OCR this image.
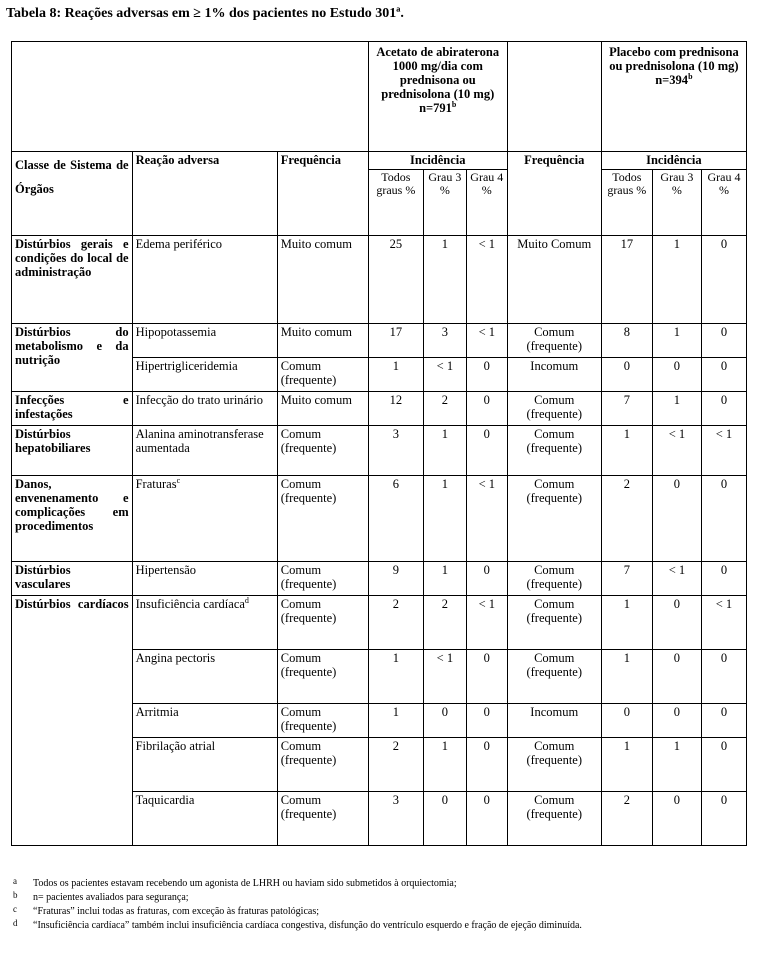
Tabela 8: Reações adversas em ≥ 1% dos pacientes no Estudo 301ª.
			Acetato de abiraterona 1000 mg/dia com prednisona ou prednisolona (10 mg) $n=791^b$				Placebo com prednisona ou prednisolona (10 mg) $n=394^b$
Classe de Sistema de Órgãos	Reação adversa	Frequência	Incidência			Frequência	Incidência		
			Todos graus %	Grau 3 %	Grau 4 %		Todos graus %	Grau 3 %	Grau 4 %
Distúrbios gerais e condições do local de administração	Edema periférico	Muito comum	25	1	< 1	Muito Comum	17	1	0
Distúrbios do metabolismo e da nutrição	Hipopotassemia	Muito comum	17	3	< 1	Comum (frequente)	8	1	0
	Hipertrigliceridemia	Comum (frequente)	1	< 1	0	Incomum	0	0	0
Infecções e infestações	Infecção do trato urinário	Muito comum	12	2	0	Comum (frequente)	7	1	0
Distúrbios hepatobiliares	Alanina aminotransferase aumentada	Comum (frequente)	3	1	0	Comum (frequente)	1	< 1	< 1
Danos, envenenamento e complicações em procedimentos	Fraturas$^c$	Comum (frequente)	6	1	< 1	Comum (frequente)	2	0	0
Distúrbios vasculares	Hipertensão	Comum (frequente)	9	1	0	Comum (frequente)	7	< 1	0
Distúrbios cardíacos	Insuficiência cardíaca$^d$	Comum (frequente)	2	2	< 1	Comum (frequente)	1	0	< 1
	Angina pectoris	Comum (frequente)	1	< 1	0	Comum (frequente)	1	0	0
	Arritmia	Comum (frequente)	1	0	0	Incomum	0	0	0
	Fibrilação atrial	Comum (frequente)	2	1	0	Comum (frequente)	1	1	0
	Taquicardia	Comum (frequente)	3	0	0	Comum (frequente)	2	0	0
a Todos os pacientes estavam recebendo um agonista de LHRH ou haviam sido submetidos à orquiectomia;
b n= pacientes avaliados para segurança;
c “Fraturas” inclui todas as fraturas, com exceção às fraturas patológicas;
d “Insuficiência cardíaca” também inclui insuficiência cardíaca congestiva, disfunção do ventrículo esquerdo e fração de ejeção diminuída.
